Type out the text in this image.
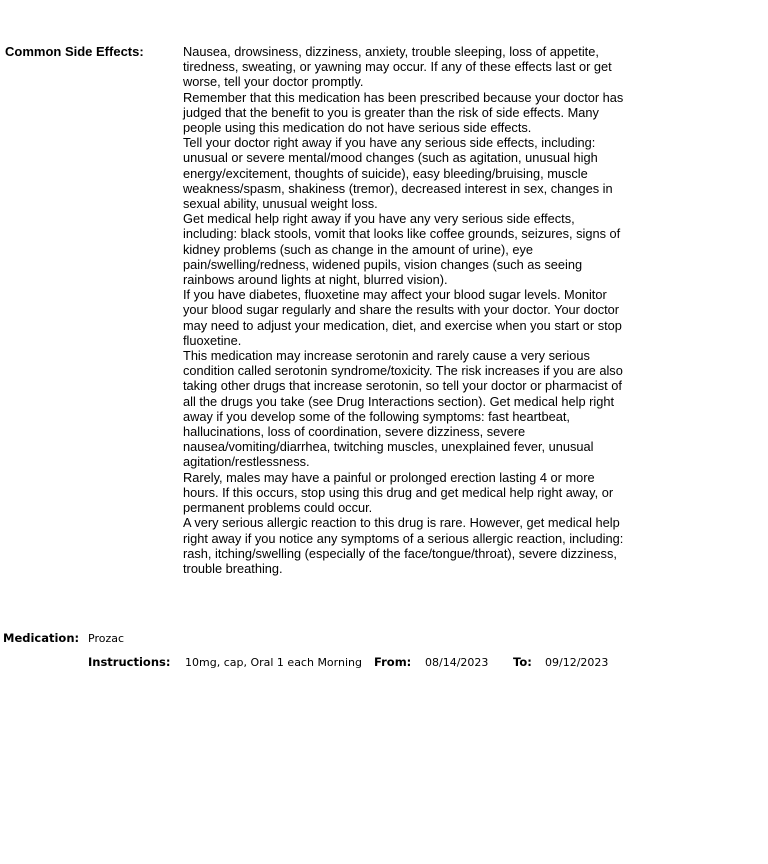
Common Side Effects:	Nausea, drowsiness, dizziness, anxiety, trouble sleeping, loss of appetite, tiredness, sweating, or yawning may occur. If any of these effects last or get worse, tell your doctor promptly.
Remember that this medication has been prescribed because your doctor has judged that the benefit to you is greater than the risk of side effects. Many people using this medication do not have serious side effects.
Tell your doctor right away if you have any serious side effects, including: unusual or severe mental/mood changes (such as agitation, unusual high energy/excitement, thoughts of suicide), easy bleeding/bruising, muscle weakness/spasm, shakiness (tremor), decreased interest in sex, changes in sexual ability, unusual weight loss.
Get medical help right away if you have any very serious side effects, including: black stools, vomit that looks like coffee grounds, seizures, signs of kidney problems (such as change in the amount of urine), eye pain/swelling/redness, widened pupils, vision changes (such as seeing rainbows around lights at night, blurred vision).
If you have diabetes, fluoxetine may affect your blood sugar levels. Monitor your blood sugar regularly and share the results with your doctor. Your doctor may need to adjust your medication, diet, and exercise when you start or stop fluoxetine.
This medication may increase serotonin and rarely cause a very serious condition called serotonin syndrome/toxicity. The risk increases if you are also taking other drugs that increase serotonin, so tell your doctor or pharmacist of all the drugs you take (see Drug Interactions section). Get medical help right away if you develop some of the following symptoms: fast heartbeat, hallucinations, loss of coordination, severe dizziness, severe nausea/vomiting/diarrhea, twitching muscles, unexplained fever, unusual agitation/restlessness.
Rarely, males may have a painful or prolonged erection lasting 4 or more hours. If this occurs, stop using this drug and get medical help right away, or permanent problems could occur.
A very serious allergic reaction to this drug is rare. However, get medical help right away if you notice any symptoms of a serious allergic reaction, including: rash, itching/swelling (especially of the face/tongue/throat), severe dizziness, trouble breathing.
Medication: Prozac
Instructions: 10mg, cap, Oral 1 each Morning From: 08/14/2023 To: 09/12/2023
